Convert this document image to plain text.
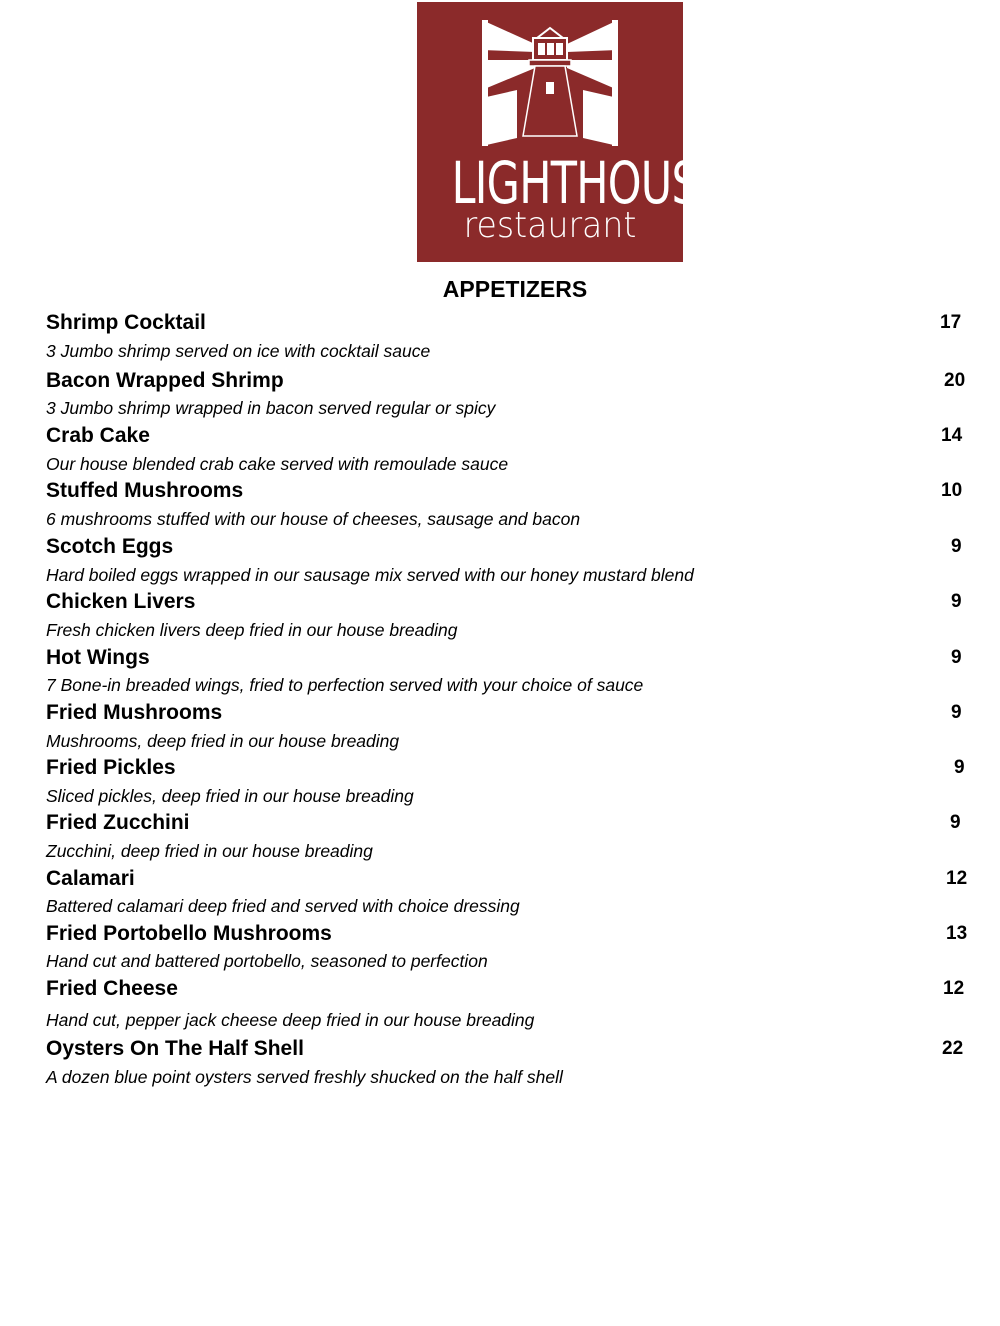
LIGHTHOUSE
restaurant
APPETIZERS
Shrimp Cocktail	17
3 Jumbo shrimp served on ice with cocktail sauce
Bacon Wrapped Shrimp	20
3 Jumbo shrimp wrapped in bacon served regular or spicy
Crab Cake	14
Our house blended crab cake served with remoulade sauce
Stuffed Mushrooms	10
6 mushrooms stuffed with our house of cheeses, sausage and bacon
Scotch Eggs	9
Hard boiled eggs wrapped in our sausage mix served with our honey mustard blend
Chicken Livers	9
Fresh chicken livers deep fried in our house breading
Hot Wings	9
7 Bone-in breaded wings, fried to perfection served with your choice of sauce
Fried Mushrooms	9
Mushrooms, deep fried in our house breading
Fried Pickles	9
Sliced pickles, deep fried in our house breading
Fried Zucchini	9
Zucchini, deep fried in our house breading
Calamari	12
Battered calamari deep fried and served with choice dressing
Fried Portobello Mushrooms	13
Hand cut and battered portobello, seasoned to perfection
Fried Cheese	12
Hand cut, pepper jack cheese deep fried in our house breading
Oysters On The Half Shell	22
A dozen blue point oysters served freshly shucked on the half shell
